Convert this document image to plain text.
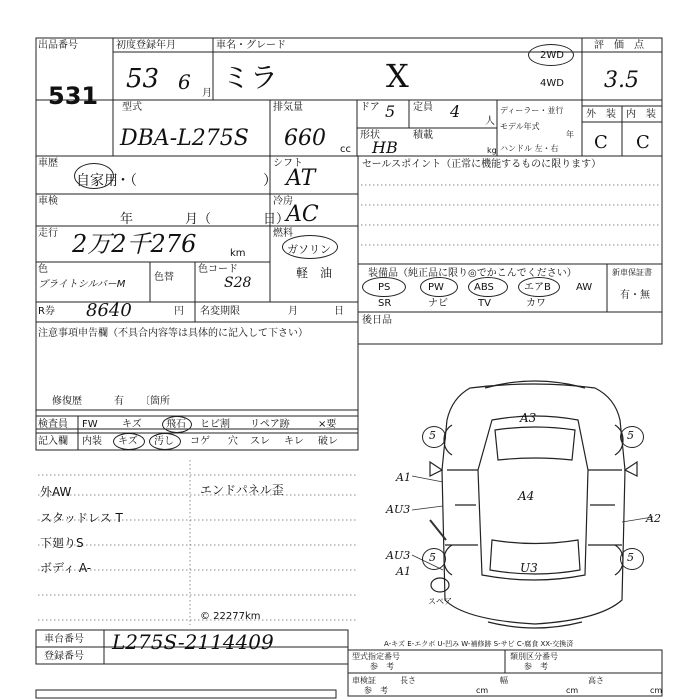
出品番号
531
初度登録年月
53 6 月
車名・グレード
ミラ	X
2WD
4WD
評　価　点
3.5
型式
DBA-L275S
排気量
660 cc
ドア 5 定員 4
人
形状
HB
積載
kg
ディーラー・並行
モデル年式
年
ハンドル 左・右
外　装 内　装
C C
車歴
自家用
・（　　　　　　　　　）
シフト
AT
車検
年　　　　月（　　　　日）
冷房
AC
走行 2万2千276	km
燃料
ガソリン
軽　油
色
ブライトシルバーM
色替
色コード
S28
R券 8640	円 名変期限	月	日
注意事項申告欄（不具合内容等は具体的に記入して下さい）
修復歴	有 〔箇所
セールスポイント（正常に機能するものに限ります）
装備品（純正品に限り◎でかこんでください）
PS	PW	ABS	エアB	AW
SR	ナビ	TV	カワ
新車保証書
有・無
後日品
検査員 FW キズ 飛石 ヒビ割 リペア跡	×要
記入欄 内装 キズ 汚し コゲ 穴 スレ キレ 破レ
外AW
スタッドレス T
下廻りS
ボディ A-
エンドパネル歪
© 22277km
A3
A4
A1
AU3
AU3
A1
A2
U3
5	5
5	5
スペア
A-キズ E-エクボ U-凹み W-補修跡 S-サビ C-腐食 XX-交換済
車台番号 L275S-2114409
登録番号	型式指定番号
参　考
類別区分番号
参　考
車検証
参　考
長さ
cm
幅
cm
高さ
cm
